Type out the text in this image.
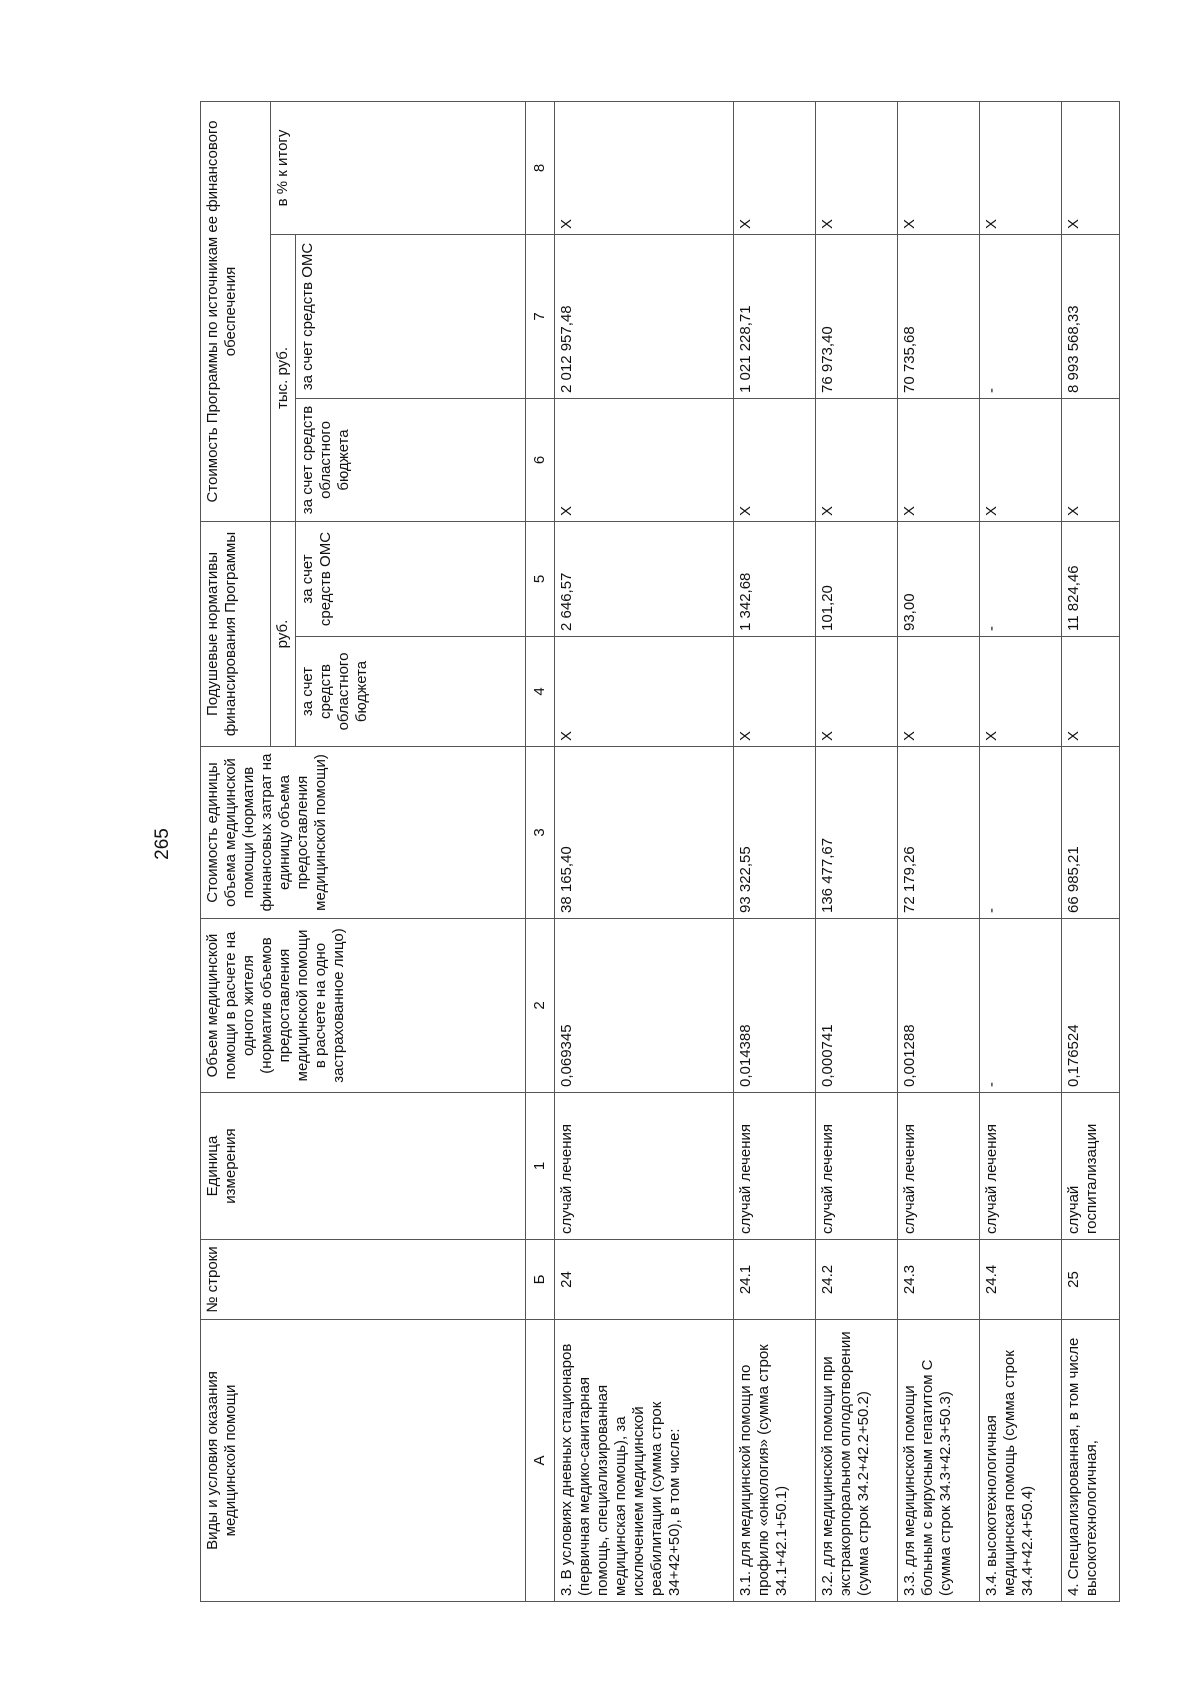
265
Виды и условия оказания медицинской помощи	№ строки	Единица измерения	Объем медицинской помощи в расчете на одного жителя (норматив объемов предоставления медицинской помощи в расчете на одно застрахованное лицо)	Стоимость единицы объема медицинской помощи (норматив финансовых затрат на единицу объема предоставления медицинской помощи)	Подушевые нормативы финансирования Программы		Стоимость Программы по источникам ее финансового обеспечения		
					руб.		тыс. руб.		в % к итогу
					за счет средств областного бюджета	за счет средств ОМС	за счет средств областного бюджета	за счет средств ОМС	
А	Б	1	2	3	4	5	6	7	8
3. В условиях дневных стационаров (первичная медико-санитарная помощь, специализированная медицинская помощь), за исключением медицинской реабилитации (сумма строк 34+42+50), в том числе:	24	случай лечения	0,069345	38 165,40	X	2 646,57	X	2 012 957,48	X
3.1. для медицинской помощи по профилю «онкология» (сумма строк 34.1+42.1+50.1)	24.1	случай лечения	0,014388	93 322,55	X	1 342,68	X	1 021 228,71	X
3.2. для медицинской помощи при экстракорпоральном оплодотворении (сумма строк 34.2+42.2+50.2)	24.2	случай лечения	0,000741	136 477,67	X	101,20	X	76 973,40	X
3.3. для медицинской помощи больным с вирусным гепатитом С (сумма строк 34.3+42.3+50.3)	24.3	случай лечения	0,001288	72 179,26	X	93,00	X	70 735,68	X
3.4. высокотехнологичная медицинская помощь (сумма строк 34.4+42.4+50.4)	24.4	случай лечения	-	-	X	-	X	-	X
4. Специализированная, в том числе высокотехнологичная,	25	случай госпитализации	0,176524	66 985,21	X	11 824,46	X	8 993 568,33	X
